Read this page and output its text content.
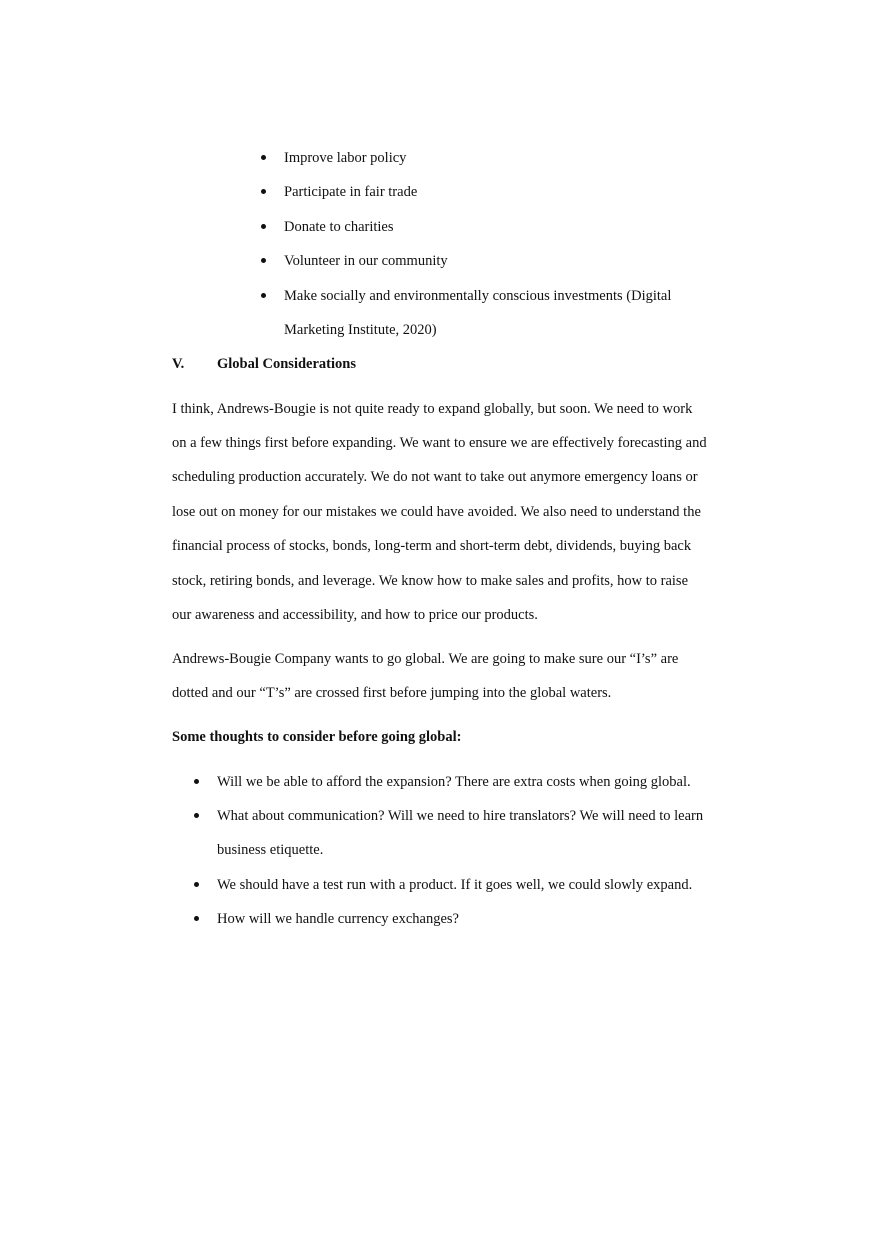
Improve labor policy
Participate in fair trade
Donate to charities
Volunteer in our community
Make socially and environmentally conscious investments (Digital
Marketing Institute, 2020)
V. Global Considerations
I think, Andrews-Bougie is not quite ready to expand globally, but soon. We need to work
on a few things first before expanding. We want to ensure we are effectively forecasting and
scheduling production accurately. We do not want to take out anymore emergency loans or
lose out on money for our mistakes we could have avoided. We also need to understand the
financial process of stocks, bonds, long-term and short-term debt, dividends, buying back
stock, retiring bonds, and leverage. We know how to make sales and profits, how to raise
our awareness and accessibility, and how to price our products.
Andrews-Bougie Company wants to go global. We are going to make sure our “I’s” are
dotted and our “T’s” are crossed first before jumping into the global waters.
Some thoughts to consider before going global:
Will we be able to afford the expansion? There are extra costs when going global.
What about communication? Will we need to hire translators? We will need to learn
business etiquette.
We should have a test run with a product. If it goes well, we could slowly expand.
How will we handle currency exchanges?
